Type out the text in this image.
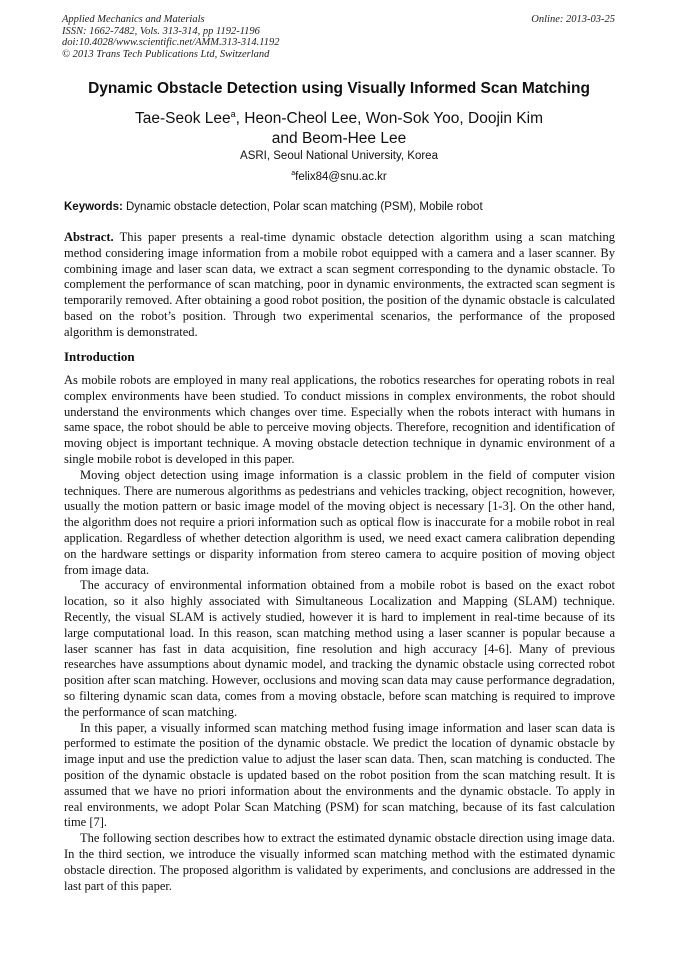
Applied Mechanics and Materials
ISSN: 1662-7482, Vols. 313-314, pp 1192-1196
doi:10.4028/www.scientific.net/AMM.313-314.1192
© 2013 Trans Tech Publications Ltd, Switzerland
Online: 2013-03-25
Dynamic Obstacle Detection using Visually Informed Scan Matching
Tae-Seok Lee$^a$, Heon-Cheol Lee, Won-Sok Yoo, Doojin Kim
and Beom-Hee Lee
ASRI, Seoul National University, Korea
$^a$felix84@snu.ac.kr
Keywords: Dynamic obstacle detection, Polar scan matching (PSM), Mobile robot

Abstract. This paper presents a real-time dynamic obstacle detection algorithm using a scan matching method considering image information from a mobile robot equipped with a camera and a laser scanner. By combining image and laser scan data, we extract a scan segment corresponding to the dynamic obstacle. To complement the performance of scan matching, poor in dynamic environments, the extracted scan segment is temporarily removed. After obtaining a good robot position, the position of the dynamic obstacle is calculated based on the robot’s position. Through two experimental scenarios, the performance of the proposed algorithm is demonstrated.

Introduction

As mobile robots are employed in many real applications, the robotics researches for operating robots in real complex environments have been studied. To conduct missions in complex environments, the robot should understand the environments which changes over time. Especially when the robots interact with humans in same space, the robot should be able to perceive moving objects. Therefore, recognition and identification of moving object is important technique. A moving obstacle detection technique in dynamic environment of a single mobile robot is developed in this paper.

Moving object detection using image information is a classic problem in the field of computer vision techniques. There are numerous algorithms as pedestrians and vehicles tracking, object recognition, however, usually the motion pattern or basic image model of the moving object is necessary [1-3]. On the other hand, the algorithm does not require a priori information such as optical flow is inaccurate for a mobile robot in real application. Regardless of whether detection algorithm is used, we need exact camera calibration depending on the hardware settings or disparity information from stereo camera to acquire position of moving object from image data.

The accuracy of environmental information obtained from a mobile robot is based on the exact robot location, so it also highly associated with Simultaneous Localization and Mapping (SLAM) technique. Recently, the visual SLAM is actively studied, however it is hard to implement in real-time because of its large computational load. In this reason, scan matching method using a laser scanner is popular because a laser scanner has fast in data acquisition, fine resolution and high accuracy [4-6]. Many of previous researches have assumptions about dynamic model, and tracking the dynamic obstacle using corrected robot position after scan matching. However, occlusions and moving scan data may cause performance degradation, so filtering dynamic scan data, comes from a moving obstacle, before scan matching is required to improve the performance of scan matching.

In this paper, a visually informed scan matching method fusing image information and laser scan data is performed to estimate the position of the dynamic obstacle. We predict the location of dynamic obstacle by image input and use the prediction value to adjust the laser scan data. Then, scan matching is conducted. The position of the dynamic obstacle is updated based on the robot position from the scan matching result. It is assumed that we have no priori information about the environments and the dynamic obstacle. To apply in real environments, we adopt Polar Scan Matching (PSM) for scan matching, because of its fast calculation time [7].

The following section describes how to extract the estimated dynamic obstacle direction using image data. In the third section, we introduce the visually informed scan matching method with the estimated dynamic obstacle direction. The proposed algorithm is validated by experiments, and conclusions are addressed in the last part of this paper.
